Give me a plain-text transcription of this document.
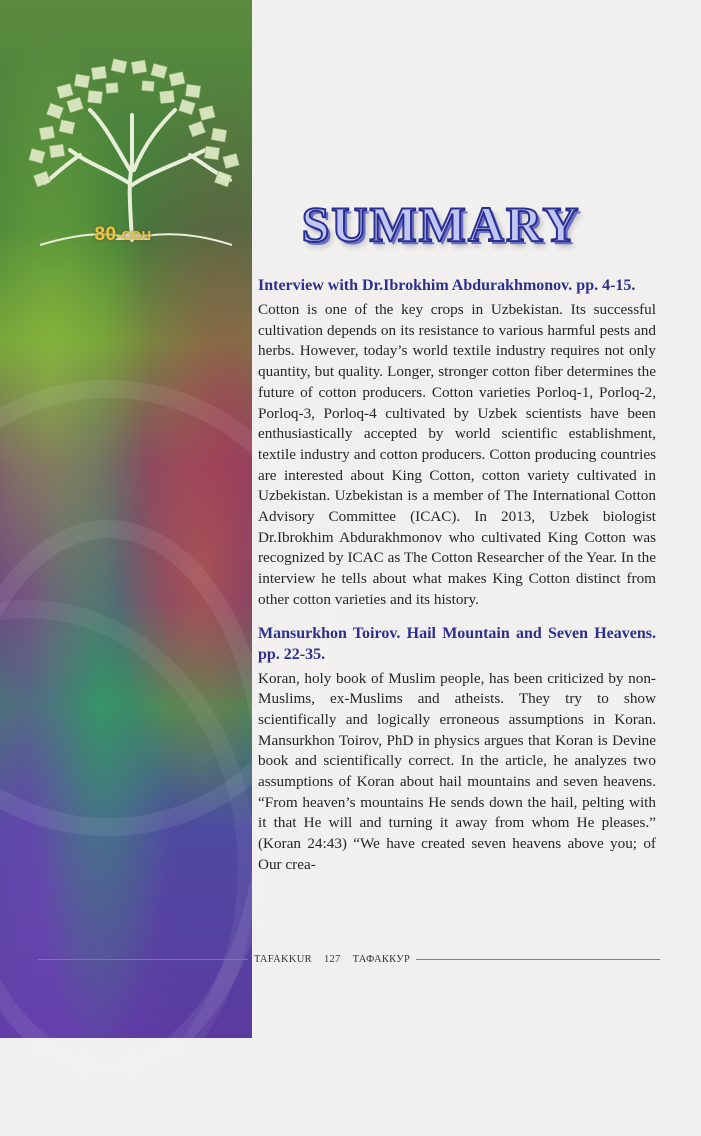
80-СОН	SUMMARY

Interview with Dr.Ibrokhim Abdurakhmonov. pp. 4-15.

Cotton is one of the key crops in Uzbekistan. Its successful cultivation depends on its resistance to various harmful pests and herbs. However, today’s world textile industry requires not only quantity, but quality. Longer, stronger cotton fiber determines the future of cotton producers. Cotton varieties Porloq-1, Porloq-2, Porloq-3, Porloq-4 cultivated by Uzbek scientists have been enthusiastically accepted by world scientific establishment, textile industry and cotton producers. Cotton producing countries are interested about King Cotton, cotton variety cultivated in Uzbekistan. Uzbekistan is a member of The International Cotton Advisory Committee (ICAC). In 2013, Uzbek biologist Dr.Ibrokhim Abdurakhmonov who cultivated King Cotton was recognized by ICAC as The Cotton Researcher of the Year. In the interview he tells about what makes King Cotton distinct from other cotton varieties and its history.

Mansurkhon Toirov. Hail Mountain and Seven Heavens. pp. 22-35.

Koran, holy book of Muslim people, has been criticized by non-Muslims, ex-Muslims and atheists. They try to show scientifically and logically erroneous assumptions in Koran. Mansurkhon Toirov, PhD in physics argues that Koran is Devine book and scientifically correct. In the article, he analyzes two assumptions of Koran about hail mountains and seven heavens. “From heaven’s mountains He sends down the hail, pelting with it that He will and turning it away from whom He pleases.” (Koran 24:43) “We have created seven heavens above you; of Our crea-

TAFAKKUR	127	ТАФАККУР
